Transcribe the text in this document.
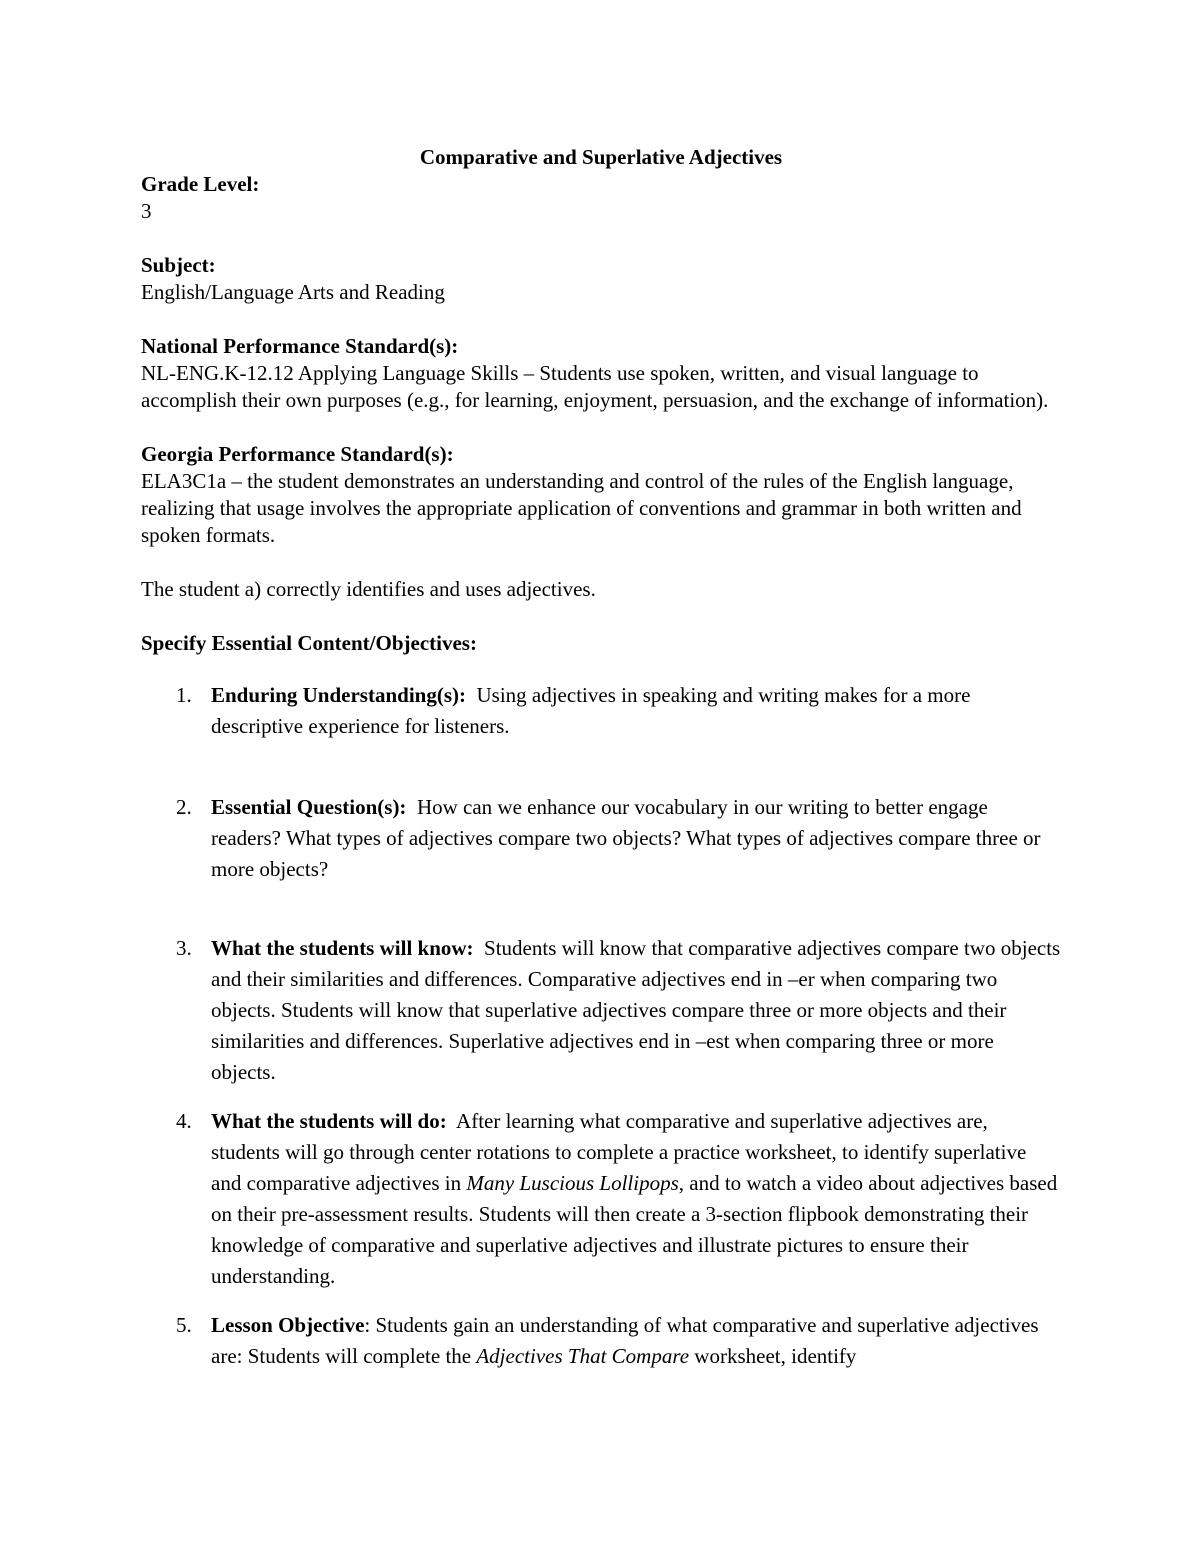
Comparative and Superlative Adjectives

Grade Level:

3

Subject:

English/Language Arts and Reading

National Performance Standard(s):

NL-ENG.K-12.12 Applying Language Skills – Students use spoken, written, and visual language to accomplish their own purposes (e.g., for learning, enjoyment, persuasion, and the exchange of information).

Georgia Performance Standard(s):

ELA3C1a – the student demonstrates an understanding and control of the rules of the English language, realizing that usage involves the appropriate application of conventions and grammar in both written and spoken formats.

The student a) correctly identifies and uses adjectives.

Specify Essential Content/Objectives:

1. Enduring Understanding(s): Using adjectives in speaking and writing makes for a more descriptive experience for listeners.
2. Essential Question(s): How can we enhance our vocabulary in our writing to better engage readers? What types of adjectives compare two objects? What types of adjectives compare three or more objects?
3. What the students will know: Students will know that comparative adjectives compare two objects and their similarities and differences. Comparative adjectives end in –er when comparing two objects. Students will know that superlative adjectives compare three or more objects and their similarities and differences. Superlative adjectives end in –est when comparing three or more objects.
4. What the students will do: After learning what comparative and superlative adjectives are, students will go through center rotations to complete a practice worksheet, to identify superlative and comparative adjectives in Many Luscious Lollipops, and to watch a video about adjectives based on their pre-assessment results. Students will then create a 3-section flipbook demonstrating their knowledge of comparative and superlative adjectives and illustrate pictures to ensure their understanding.
5. Lesson Objective: Students gain an understanding of what comparative and superlative adjectives are: Students will complete the Adjectives That Compare worksheet, identify
